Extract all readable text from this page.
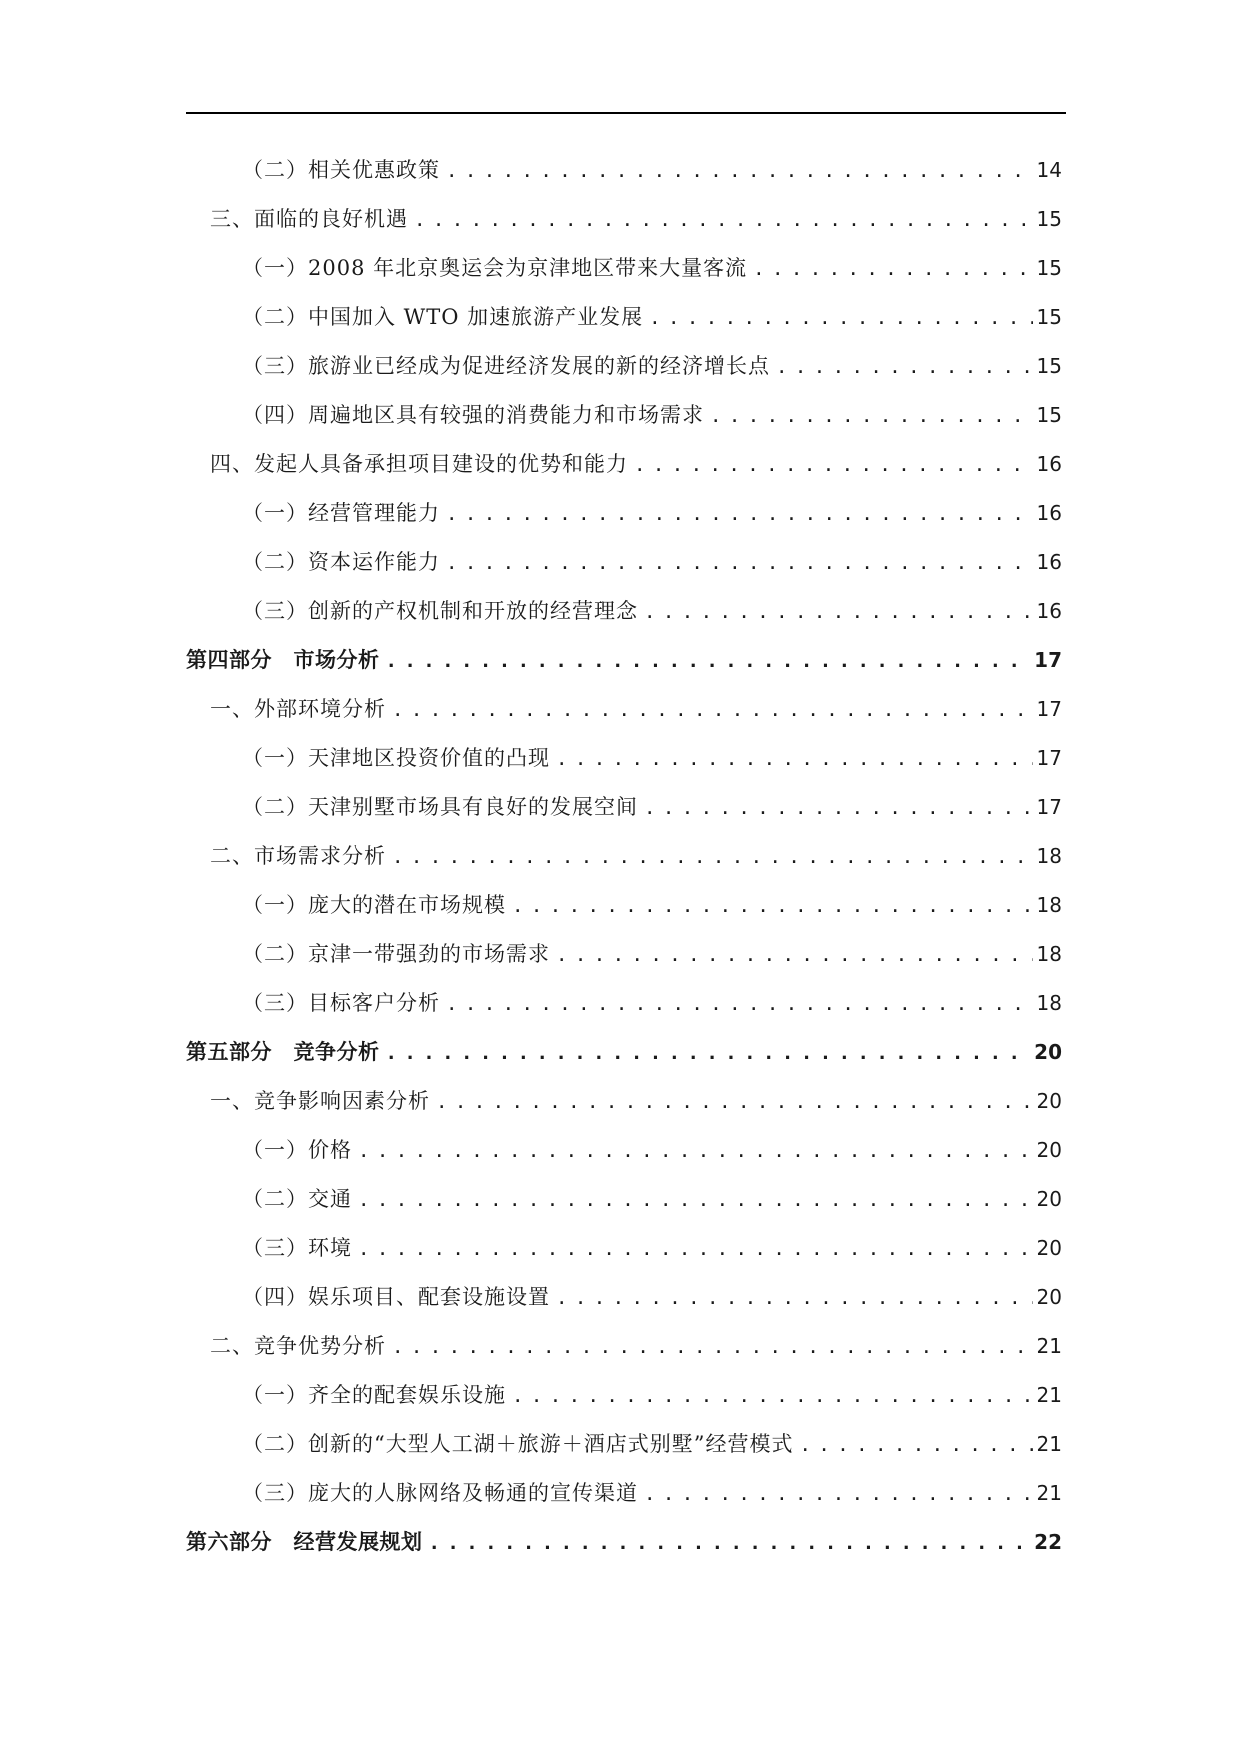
（二）相关优惠政策 . . .	14
三、面临的良好机遇 . . .	15
（一）2008 年北京奥运会为京津地区带来大量客流 . . .	15
（二）中国加入 WTO 加速旅游产业发展 . . .	15
（三）旅游业已经成为促进经济发展的新的经济增长点 . . .	15
（四）周遍地区具有较强的消费能力和市场需求 . . .	15
四、发起人具备承担项目建设的优势和能力 . . .	16
（一）经营管理能力 . . .	16
（二）资本运作能力 . . .	16
（三）创新的产权机制和开放的经营理念 . . .	16
第四部分　市场分析 . . .	17
一、外部环境分析 . . .	17
（一）天津地区投资价值的凸现 . . .	17
（二）天津别墅市场具有良好的发展空间 . . .	17
二、市场需求分析 . . .	18
（一）庞大的潜在市场规模 . . .	18
（二）京津一带强劲的市场需求 . . .	18
（三）目标客户分析 . . .	18
第五部分　竞争分析 . . .	20
一、竞争影响因素分析 . . .	20
（一）价格 . . .	20
（二）交通 . . .	20
（三）环境 . . .	20
（四）娱乐项目、配套设施设置 . . .	20
二、竞争优势分析 . . .	21
（一）齐全的配套娱乐设施 . . .	21
（二）创新的“大型人工湖＋旅游＋酒店式别墅”经营模式 . . .	21
（三）庞大的人脉网络及畅通的宣传渠道 . . .	21
第六部分　经营发展规划 . . .	22
